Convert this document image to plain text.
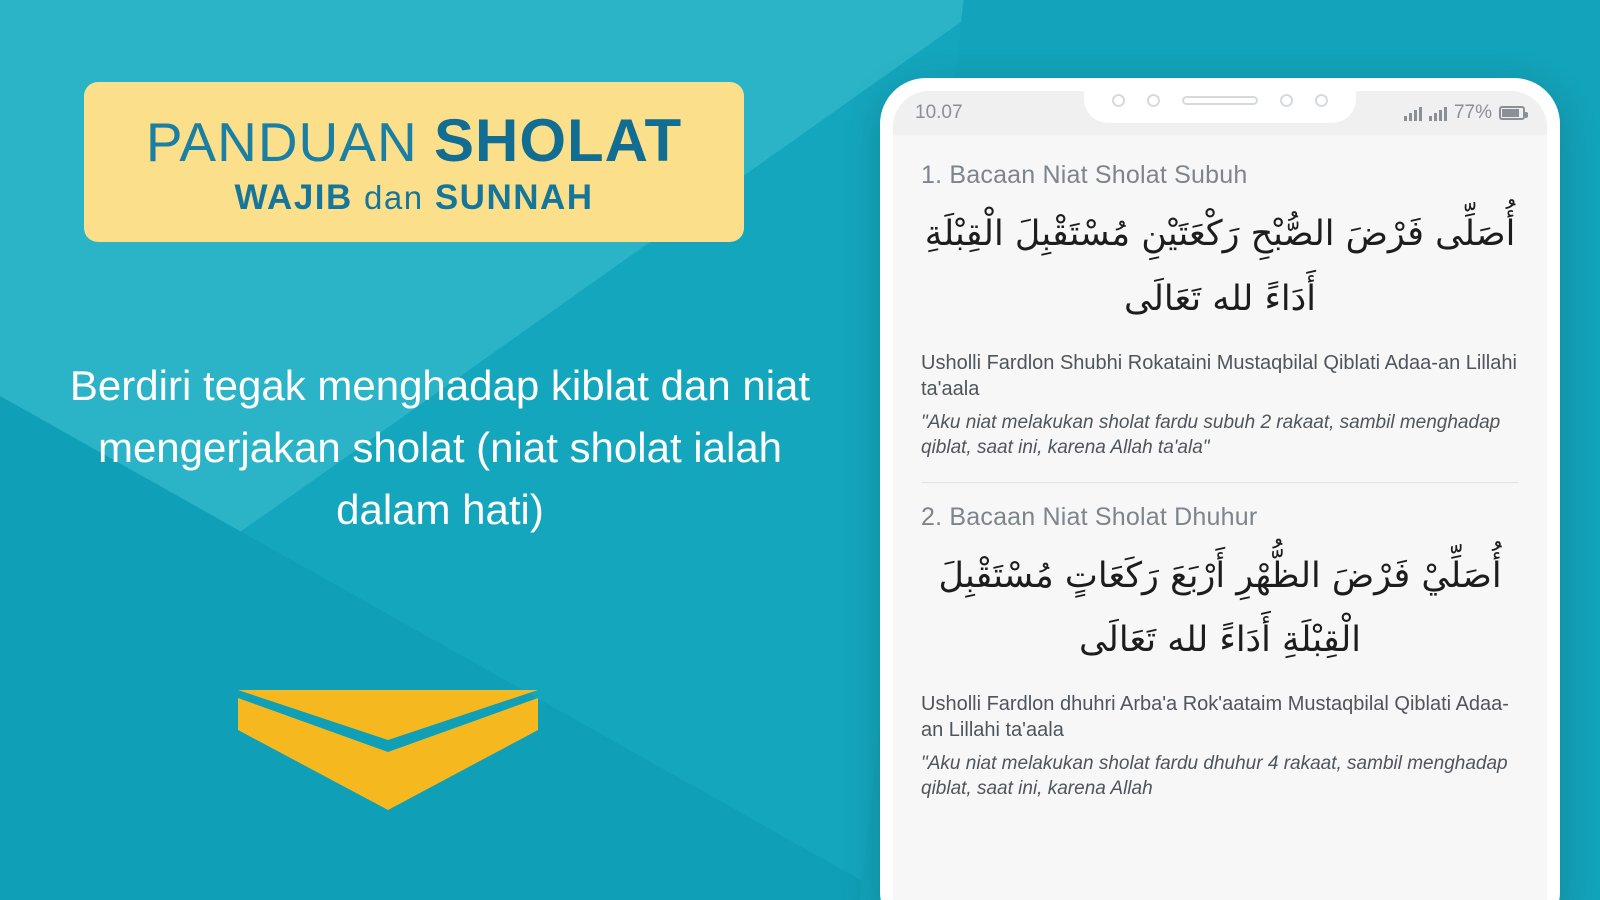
PANDUAN SHOLAT
WAJIB dan SUNNAH
Berdiri tegak menghadap kiblat dan niat mengerjakan sholat (niat sholat ialah dalam hati)
10.07	77%
1. Bacaan Niat Sholat Subuh
أُصَلِّى فَرْضَ الصُّبْحِ رَكْعَتَيْنِ مُسْتَقْبِلَ الْقِبْلَةِ أَدَاءً لله تَعَالَى
Usholli Fardlon Shubhi Rokataini Mustaqbilal Qiblati Adaa-an Lillahi ta'aala
"Aku niat melakukan sholat fardu subuh 2 rakaat, sambil menghadap qiblat, saat ini, karena Allah ta'ala"
2. Bacaan Niat Sholat Dhuhur
أُصَلِّيْ فَرْضَ الظُّهْرِ أَرْبَعَ رَكَعَاتٍ مُسْتَقْبِلَ الْقِبْلَةِ أَدَاءً لله تَعَالَى
Usholli Fardlon dhuhri Arba'a Rok'aataim Mustaqbilal Qiblati Adaa-an Lillahi ta'aala
"Aku niat melakukan sholat fardu dhuhur 4 rakaat, sambil menghadap qiblat, saat ini, karena Allah
